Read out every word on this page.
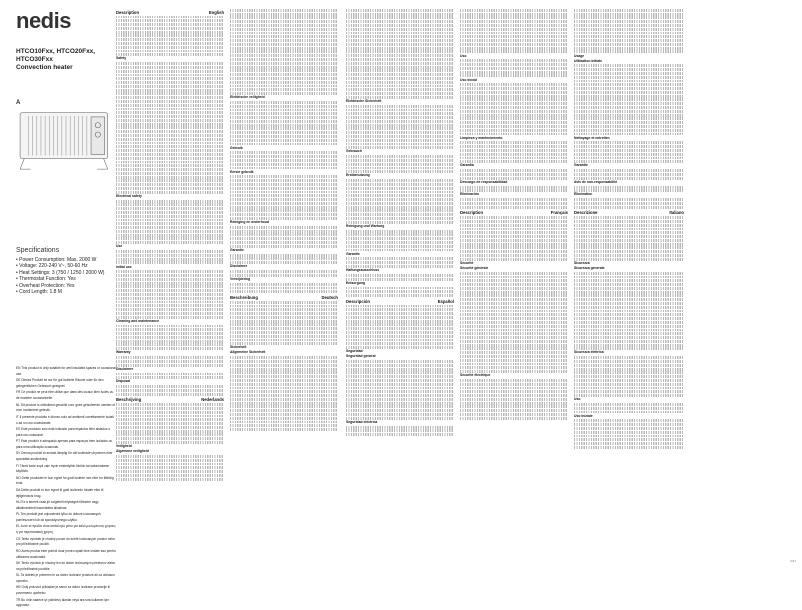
nedis
HTCO10Fxx, HTCO20Fxx, HTCO30Fxx
Convection heater
A
Specifications
• Power Consumption: Max. 2000 W
• Voltage: 220-240 V~, 50-60 Hz
• Heat Settings: 3 (750 / 1250 / 2000 W)
• Thermostat Function: Yes
• Overheat Protection: Yes
• Cord Length: 1.8 M
EN This product is only suitable for well insulated spaces or occasional use.
DE Dieses Produkt ist nur für gut isolierte Räume oder für den gelegentlichen Gebrauch geeignet.
FR Ce produit ne peut être utilisé que dans des locaux bien isolés ou de manière occasionnelle.
NL Dit product is uitsluitend geschikt voor goed geïsoleerde ruimten of voor incidenteel gebruik.
IT Il presente prodotto è idoneo solo ad ambienti correttamente isolati o ad un uso occasionale.
ES Este producto solo está indicado para espacios bien aislados o para uso ocasional.
PT Este produto é adequado apenas para espaços bem isolados ou para uma utilização ocasional.
SV Denna produkt är endast lämplig för väl isolerade utrymmen eller sporadisk användning.
FI Tämä tuote sopii vain hyvin eristettyihin tiloihin tai satunnaiseen käyttöön.
NO Dette produktet er kun egnet for godt isolerte rom eller for tilfeldig bruk.
DA Dette produkt er kun egnet til godt isolerede lokaler eller til lejlighedsvis brug.
HU Ez a termék csak jól szigetelt helyiségek fűtésére vagy alkalmankénti használatra alkalmas.
PL Ten produkt jest odpowiedni tylko do dobrze izolowanych pomieszczeń lub do sporadycznego użytku.
EL Αυτό το προϊόν είναι κατάλληλο μόνο για καλά μονωμένους χώρους ή για περιστασιακή χρήση.
CS Tento výrobek je vhodný pouze do dobře izolovaných prostor nebo pro příležitostné použití.
RO Acest produs este potrivit doar pentru spații bine izolate sau pentru utilizarea ocazională.
SK Tento výrobok je vhodný len do dobre izolovaných priestorov alebo na príležitostné použitie.
SL Ta izdelek je primeren le za dobro izolirane prostore ali za občasno uporabo.
HR Ovaj proizvod prikladan je samo za dobro izolirane prostorije ili povremenu upotrebu.
TR Bu ürün sadece iyi yalıtılmış alanlar veya ara sıra kullanım için uygundur.
Description	English
Safety
Electrical safety
Use
Initial use
Cleaning and maintenance
Warranty
Disclaimer
Disposal
Beschrijving	Nederlands
Veiligheid
Algemene veiligheid
Elektrische veiligheid
Gebruik
Eerste gebruik
Reiniging en onderhoud
Garantie
Disclaimer
Verwijdering
Beschreibung	Deutsch
Sicherheit
Allgemeine Sicherheit
Elektrische Sicherheit
Gebrauch
Erstbenutzung
Reinigung und Wartung
Garantie
Haftungsausschluss
Entsorgung
Descripción	Español
Seguridad
Seguridad general
Seguridad eléctrica
Uso
Uso inicial
Limpieza y mantenimiento
Garantía
Descargo de responsabilidad
Eliminación
Description	Français
Sécurité
Sécurité générale
Sécurité électrique
Usage
Utilisation initiale
Nettoyage et entretien
Garantie
Avis de non-responsabilité
Élimination
Descrizione	Italiano
Sicurezza
Sicurezza generale
Sicurezza elettrica
Uso
Uso iniziale
3/17
